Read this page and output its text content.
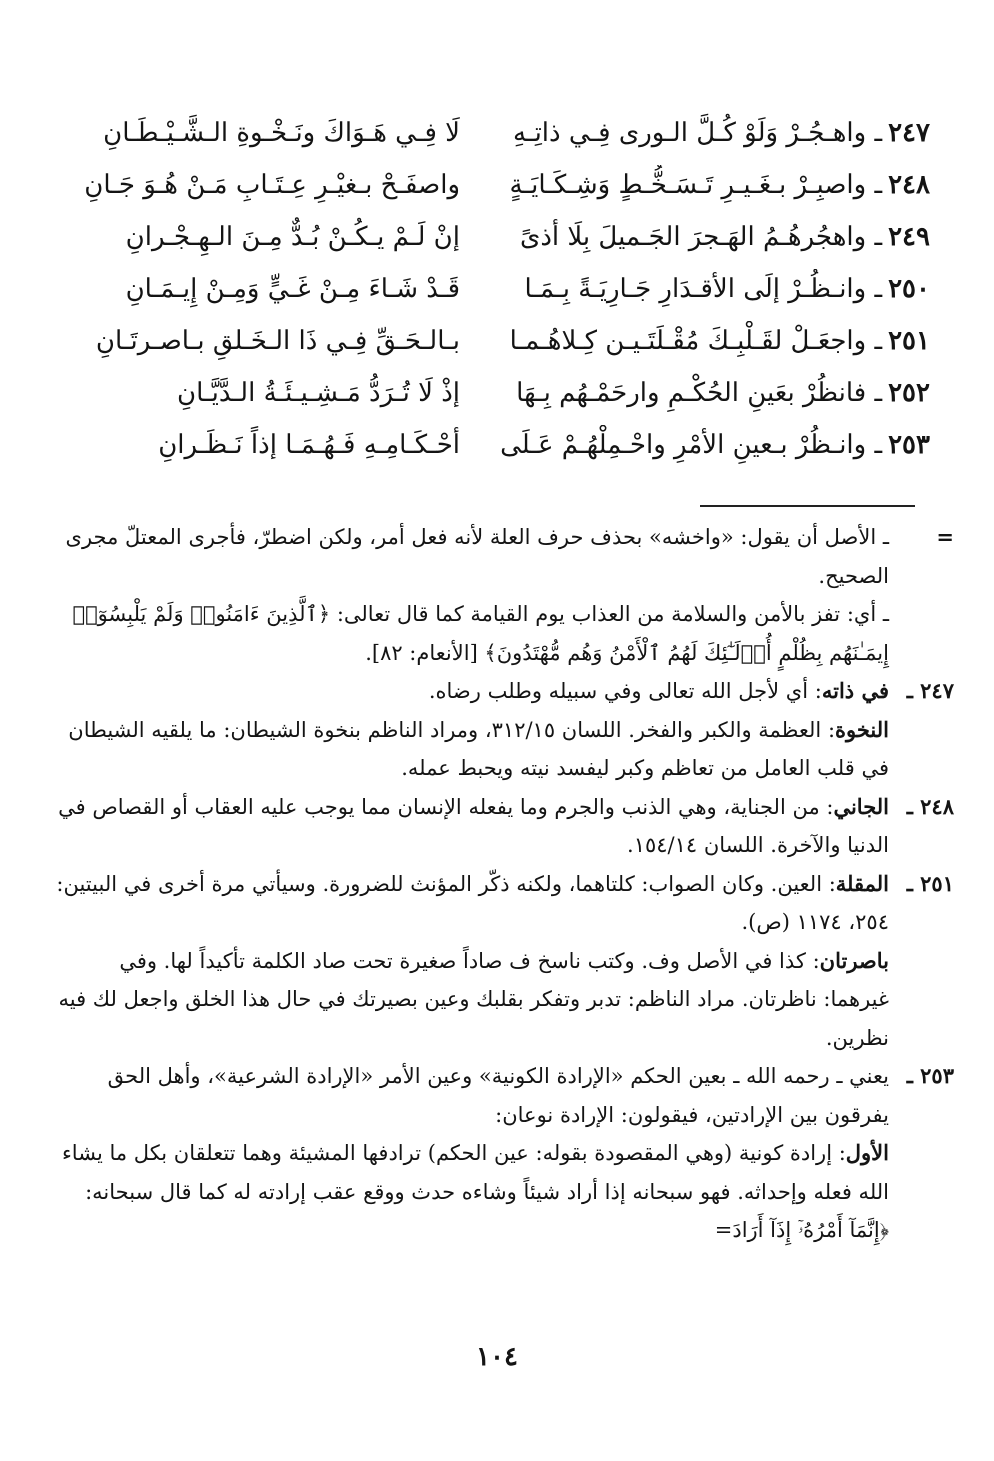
٢٤٧ـ واهـجُـرْ وَلَوْ كُـلَّ الـورى فِـي ذاتِـهِ
لَا فِـي هَـوَاكَ ونَـخْـوةِ الـشَّـيْـطَـانِ
٢٤٨ـ واصبِـرْ بـغَـيـرِ تَـسَـخُّـطٍ وَشِـكَـايَـةٍ
واصفَـحْ بـغيْـرِ عِـتَـابِ مَـنْ هُـوَ جَـانِ
٢٤٩ـ واهجُرهُـمُ الهَـجرَ الجَـميلَ بِلَا أذىً
إنْ لَـمْ يـكُـنْ بُـدٌّ مِـنَ الـهِـجْـرانِ
٢٥٠ـ وانـظُـرْ إلَى الأقـدَارِ جَـارِيَـةً بِـمَـا
قَـدْ شَـاءَ مِـنْ غَـيٍّ وَمِـنْ إِيـمَـانِ
٢٥١ـ واجعَـلْ لقَـلْبِـكَ مُقْـلَتَـيـن كِـلاهُـمـا
بـالـحَـقِّ فِـي ذَا الـخَـلقِ بـاصـرتَـانِ
٢٥٢ـ فانظُرْ بعَينِ الحُكْـمِ وارحَمْـهُم بِـهَا
إذْ لَا تُـرَدُّ مَـشِـيـئَـةُ الـدَّيَّـانِ
٢٥٣ـ وانـظُرْ بـعينِ الأمْرِ واحْـمِلْهُـمْ عَـلَى
أحْـكَـامِـهِ فَـهُـمَـا إذاً نَـظَـرانِ
=

ـ الأصل أن يقول: «واخشه» بحذف حرف العلة لأنه فعل أمر، ولكن اضطرّ، فأجرى المعتلّ مجرى الصحيح.

ـ أي: تفز بالأمن والسلامة من العذاب يوم القيامة كما قال تعالى: ﴿ٱلَّذِينَ ءَامَنُوا۟ وَلَمْ يَلْبِسُوٓا۟ إِيمَـٰنَهُم بِظُلْمٍ أُو۟لَـٰٓئِكَ لَهُمُ ٱلْأَمْنُ وَهُم مُّهْتَدُونَ﴾ [الأنعام: ٨٢].

٢٤٧ ـ

في ذاته: أي لأجل الله تعالى وفي سبيله وطلب رضاه.

النخوة: العظمة والكبر والفخر. اللسان ٣١٢/١٥، ومراد الناظم بنخوة الشيطان: ما يلقيه الشيطان في قلب العامل من تعاظم وكبر ليفسد نيته ويحبط عمله.

٢٤٨ ـ

الجاني: من الجناية، وهي الذنب والجرم وما يفعله الإنسان مما يوجب عليه العقاب أو القصاص في الدنيا والآخرة. اللسان ١٥٤/١٤.

٢٥١ ـ

المقلة: العين. وكان الصواب: كلتاهما، ولكنه ذكّر المؤنث للضرورة. وسيأتي مرة أخرى في البيتين: ٢٥٤، ١١٧٤ (ص).

باصرتان: كذا في الأصل وف. وكتب ناسخ ف صاداً صغيرة تحت صاد الكلمة تأكيداً لها. وفي غيرهما: ناظرتان. مراد الناظم: تدبر وتفكر بقلبك وعين بصيرتك في حال هذا الخلق واجعل لك فيه نظرين.

٢٥٣ ـ

يعني ـ رحمه الله ـ بعين الحكم «الإرادة الكونية» وعين الأمر «الإرادة الشرعية»، وأهل الحق يفرقون بين الإرادتين، فيقولون: الإرادة نوعان:

الأول: إرادة كونية (وهي المقصودة بقوله: عين الحكم) ترادفها المشيئة وهما تتعلقان بكل ما يشاء الله فعله وإحداثه. فهو سبحانه إذا أراد شيئاً وشاءه حدث ووقع عقب إرادته له كما قال سبحانه: ﴿إِنَّمَآ أَمْرُهُۥٓ إِذَآ أَرَادَ=

١٠٤
